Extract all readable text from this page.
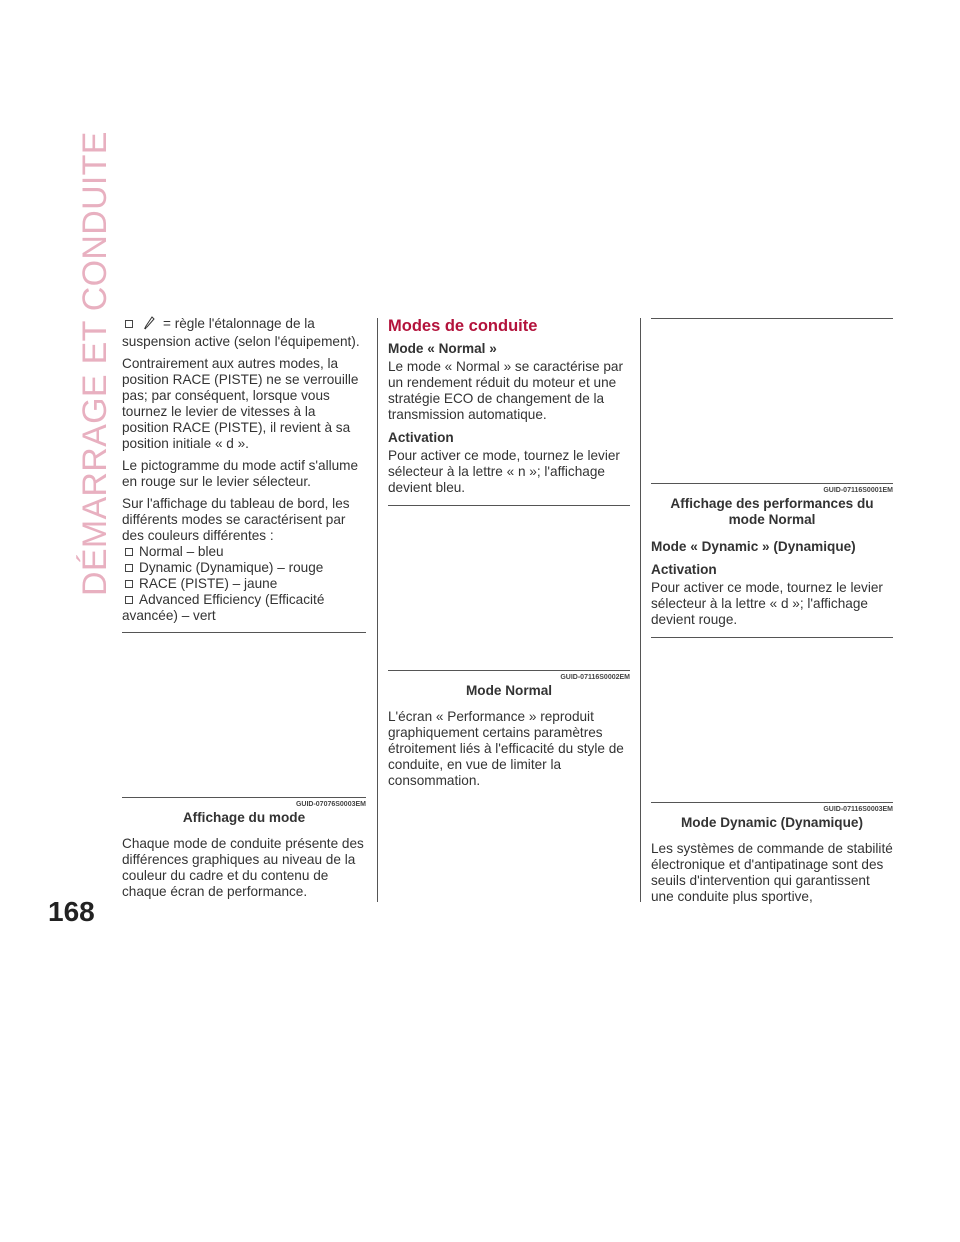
DÉMARRAGE ET CONDUITE
168
= règle l'étalonnage de la

suspension active (selon l'équipement).

Contrairement aux autres modes, la position RACE (PISTE) ne se verrouille pas; par conséquent, lorsque vous tournez le levier de vitesses à la position RACE (PISTE), il revient à sa position initiale « d ».

Le pictogramme du mode actif s'allume en rouge sur le levier sélecteur.

Sur l'affichage du tableau de bord, les différents modes se caractérisent par des couleurs différentes :

Normal – bleu
Dynamic (Dynamique) – rouge
RACE (PISTE) – jaune
Advanced Efficiency (Efficacité

avancée) – vert

GUID-07076S0003EM
Affichage du mode

Chaque mode de conduite présente des différences graphiques au niveau de la couleur du cadre et du contenu de chaque écran de performance.

Modes de conduite
Mode « Normal »

Le mode « Normal » se caractérise par un rendement réduit du moteur et une stratégie ECO de changement de la transmission automatique.

Activation

Pour activer ce mode, tournez le levier sélecteur à la lettre « n »; l'affichage devient bleu.

GUID-07116S0002EM
Mode Normal

L'écran « Performance » reproduit graphiquement certains paramètres étroitement liés à l'efficacité du style de conduite, en vue de limiter la consommation.

GUID-07116S0001EM
Affichage des performances du mode Normal
Mode « Dynamic » (Dynamique)
Activation

Pour activer ce mode, tournez le levier sélecteur à la lettre « d »; l'affichage devient rouge.

GUID-07116S0003EM
Mode Dynamic (Dynamique)

Les systèmes de commande de stabilité électronique et d'antipatinage sont des seuils d'intervention qui garantissent une conduite plus sportive,
